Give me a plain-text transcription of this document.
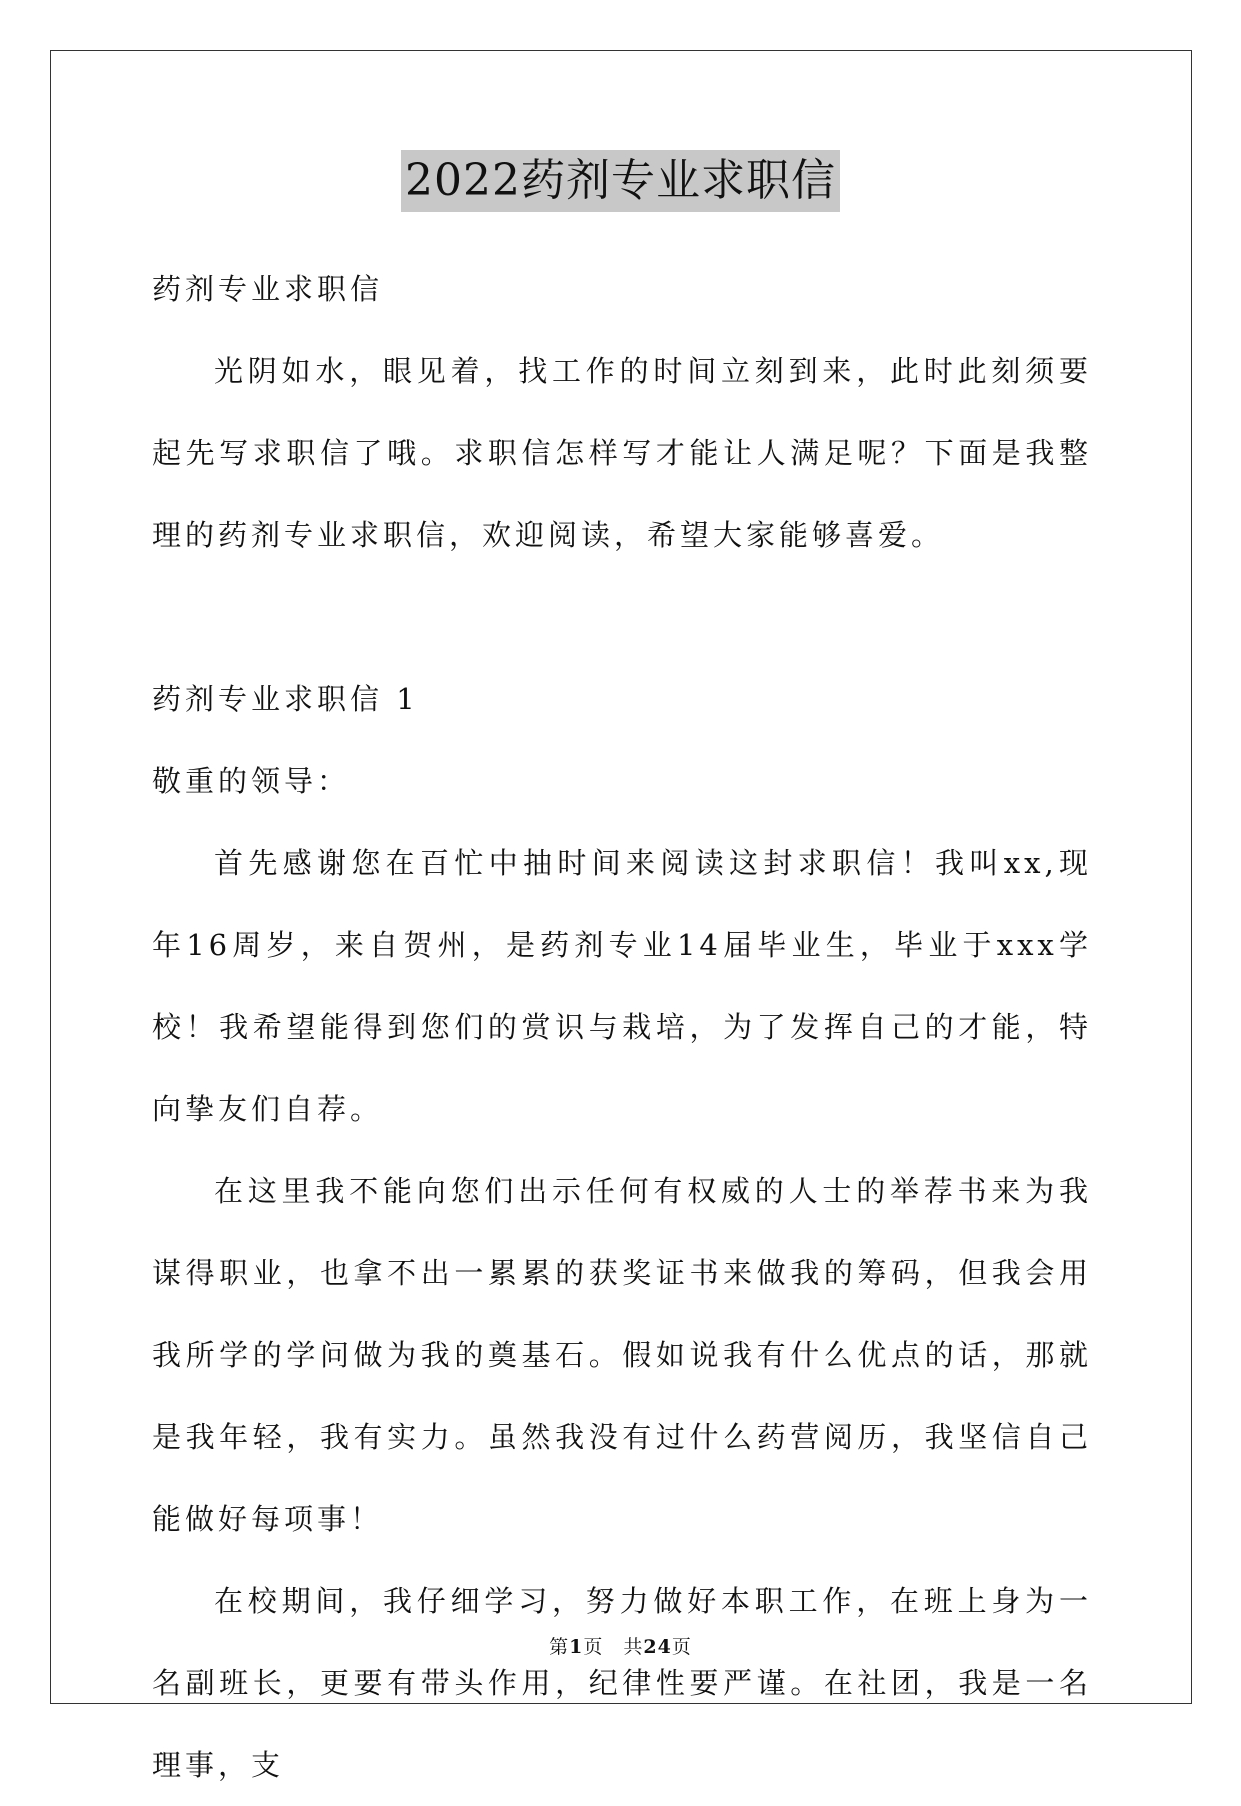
2022药剂专业求职信

药剂专业求职信

光阴如水，眼见着，找工作的时间立刻到来，此时此刻须要起先写求职信了哦。求职信怎样写才能让人满足呢？下面是我整理的药剂专业求职信，欢迎阅读，希望大家能够喜爱。

药剂专业求职信 1

敬重的领导：

首先感谢您在百忙中抽时间来阅读这封求职信！我叫xx,现年16周岁，来自贺州，是药剂专业14届毕业生，毕业于xxx学校！我希望能得到您们的赏识与栽培，为了发挥自己的才能，特向挚友们自荐。

在这里我不能向您们出示任何有权威的人士的举荐书来为我谋得职业，也拿不出一累累的获奖证书来做我的筹码，但我会用我所学的学问做为我的奠基石。假如说我有什么优点的话，那就是我年轻，我有实力。虽然我没有过什么药营阅历，我坚信自己能做好每项事！

在校期间，我仔细学习，努力做好本职工作，在班上身为一名副班长，更要有带头作用，纪律性要严谨。在社团，我是一名理事，支

第1页　共24页
